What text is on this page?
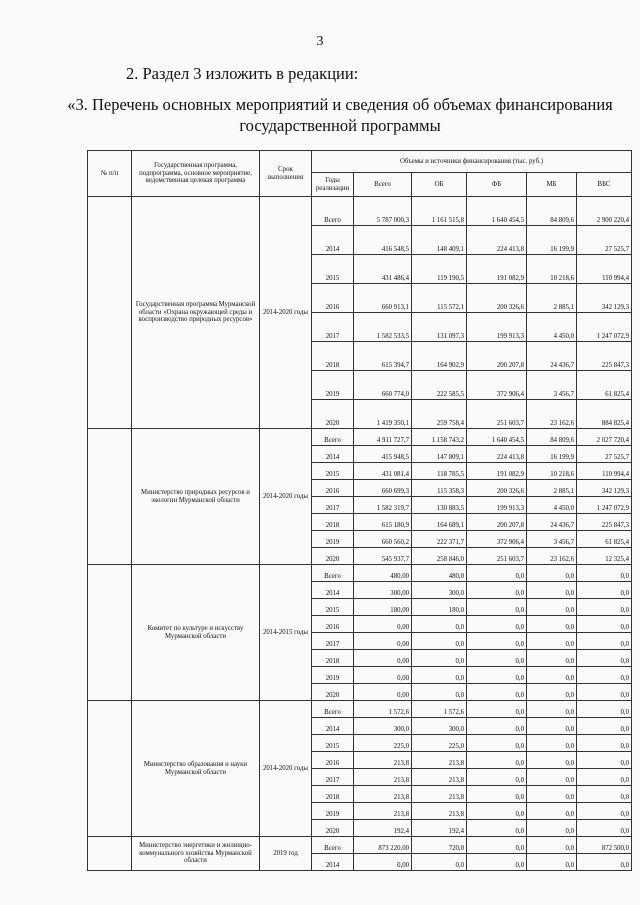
3
2. Раздел 3 изложить в редакции:
«3. Перечень основных мероприятий и сведения об объемах финансирования государственной программы
№ п/п	Государственная программа, подпрограмма, основное мероприятие, ведомственная целевая программа	Срок выполнения	Объемы и источники финансирования (тыс. руб.)					
			Годы реализации	Всего	ОБ	ФБ	МБ	ВБС
	Государственная программа Мурманской области «Охрана окружающей среды и воспроизводство природных ресурсов»	2014-2020 годы	Всего	5 787 000,3	1 161 515,8	1 640 454,5	84 809,6	2 900 220,4
			2014	416 548,5	148 409,1	224 413,8	16 199,9	27 525,7
			2015	431 486,4	119 190,5	191 082,9	10 218,6	110 994,4
			2016	660 913,1	115 572,1	200 326,6	2 885,1	342 129,3
			2017	1 582 533,5	131 097,3	199 913,3	4 450,0	1 247 072,9
			2018	615 394,7	164 902,9	200 207,8	24 436,7	225 847,3
			2019	660 774,0	222 585,5	372 906,4	3 456,7	61 825,4
			2020	1 419 350,1	259 758,4	251 603,7	23 162,6	884 825,4
	Министерство природных ресурсов и экологии Мурманской области	2014-2020 годы	Всего	4 911 727,7	1 158 743,2	1 640 454,5	84 809,6	2 027 720,4
			2014	415 948,5	147 809,1	224 413,8	16 199,9	27 525,7
			2015	431 081,4	118 785,5	191 082,9	10 218,6	110 994,4
			2016	660 699,3	115 358,3	200 326,6	2 885,1	342 129,3
			2017	1 582 319,7	130 883,5	199 913,3	4 450,0	1 247 072,9
			2018	615 180,9	164 689,1	200 207,8	24 436,7	225 847,3
			2019	660 560,2	222 371,7	372 906,4	3 456,7	61 825,4
			2020	545 937,7	258 846,0	251 603,7	23 162,6	12 325,4
	Комитет по культуре и искусству Мурманской области	2014-2015 годы	Всего	480,00	480,0	0,0	0,0	0,0
			2014	300,00	300,0	0,0	0,0	0,0
			2015	180,00	180,0	0,0	0,0	0,0
			2016	0,00	0,0	0,0	0,0	0,0
			2017	0,00	0,0	0,0	0,0	0,0
			2018	0,00	0,0	0,0	0,0	0,0
			2019	0,00	0,0	0,0	0,0	0,0
			2020	0,00	0,0	0,0	0,0	0,0
	Министерство образования и науки Мурманской области	2014-2020 годы	Всего	1 572,6	1 572,6	0,0	0,0	0,0
			2014	300,0	300,0	0,0	0,0	0,0
			2015	225,0	225,0	0,0	0,0	0,0
			2016	213,8	213,8	0,0	0,0	0,0
			2017	213,8	213,8	0,0	0,0	0,0
			2018	213,8	213,8	0,0	0,0	0,0
			2019	213,8	213,8	0,0	0,0	0,0
			2020	192,4	192,4	0,0	0,0	0,0
	Министерство энергетики и жилищно-коммунального хозяйства Мурманской области	2019 год	Всего	873 220,00	720,0	0,0	0,0	872 500,0
			2014	0,00	0,0	0,0	0,0	0,0
